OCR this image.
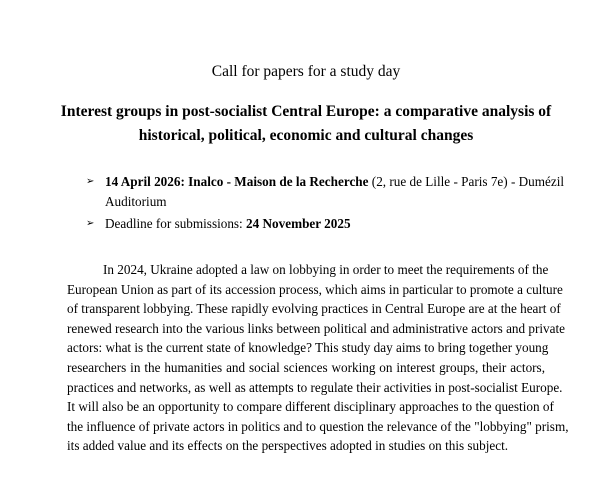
Call for papers for a study day
Interest groups in post-socialist Central Europe: a comparative analysis of
historical, political, economic and cultural changes
➢ 14 April 2026: Inalco - Maison de la Recherche (2, rue de Lille - Paris 7e) - Dumézil
Auditorium
➢ Deadline for submissions: 24 November 2025
In 2024, Ukraine adopted a law on lobbying in order to meet the requirements of the
European Union as part of its accession process, which aims in particular to promote a culture
of transparent lobbying. These rapidly evolving practices in Central Europe are at the heart of
renewed research into the various links between political and administrative actors and private
actors: what is the current state of knowledge? This study day aims to bring together young
researchers in the humanities and social sciences working on interest groups, their actors,
practices and networks, as well as attempts to regulate their activities in post-socialist Europe.
It will also be an opportunity to compare different disciplinary approaches to the question of
the influence of private actors in politics and to question the relevance of the "lobbying" prism,
its added value and its effects on the perspectives adopted in studies on this subject.
